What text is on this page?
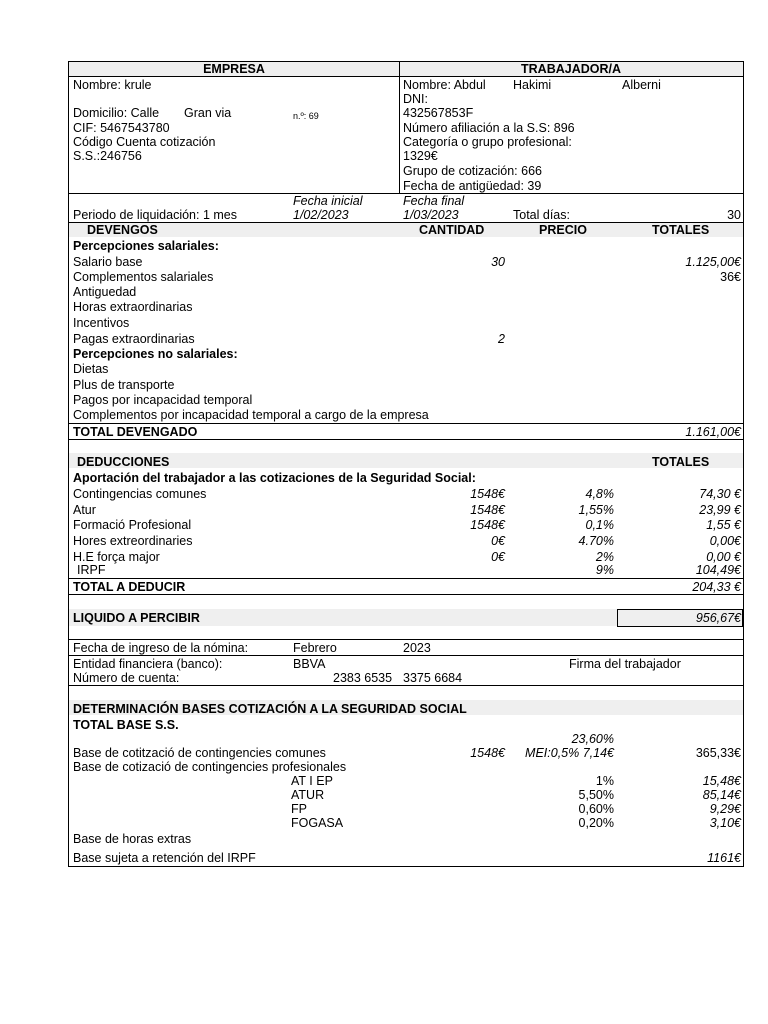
EMPRESA	TRABAJADOR/A
Nombre: krule
Domicilio: Calle Gran via	n.º: 69
CIF: 5467543780
Código Cuenta cotización
S.S.:246756
Nombre: Abdul Hakimi	Alberni
DNI:
432567853F
Número afiliación a la S.S: 896
Categoría o grupo profesional:
1329€
Grupo de cotización: 666
Fecha de antigüedad: 39
Fecha inicial	Fecha final
Periodo de liquidación: 1 mes	1/02/2023	1/03/2023	Total días:	30
DEVENGOS	CANTIDAD	PRECIO	TOTALES
Percepciones salariales:
Salario base	30	1.125,00€
Complementos salariales	36€
Antiguedad
Horas extraordinarias
Incentivos
Pagas extraordinarias	2
Percepciones no salariales:
Dietas
Plus de transporte
Pagos por incapacidad temporal
Complementos por incapacidad temporal a cargo de la empresa
TOTAL DEVENGADO	1.161,00€
DEDUCCIONES	TOTALES
Aportación del trabajador a las cotizaciones de la Seguridad Social:
Contingencias comunes	1548€	4,8%	74,30 €
Atur	1548€	1,55%	23,99 €
Formació Profesional	1548€	0,1%	1,55 €
Hores extreordinaries	0€	4.70%	0,00€
H.E força major	0€	2%	0,00 €
IRPF	9%	104,49€
TOTAL A DEDUCIR	204,33 €
LIQUIDO A PERCIBIR	956,67€
Fecha de ingreso de la nómina:	Febrero	2023
Entidad financiera (banco):	BBVA	Firma del trabajador
Número de cuenta:	2383 6535 3375 6684
DETERMINACIÓN BASES COTIZACIÓN A LA SEGURIDAD SOCIAL
TOTAL BASE S.S.
23,60%
Base de cotització de contingencies comunes	1548€	MEI:0,5% 7,14€	365,33€
Base de cotizació de contingencies profesionales
AT I EP	1%	15,48€
ATUR	5,50%	85,14€
FP	0,60%	9,29€
FOGASA	0,20%	3,10€
Base de horas extras
Base sujeta a retención del IRPF	1161€
